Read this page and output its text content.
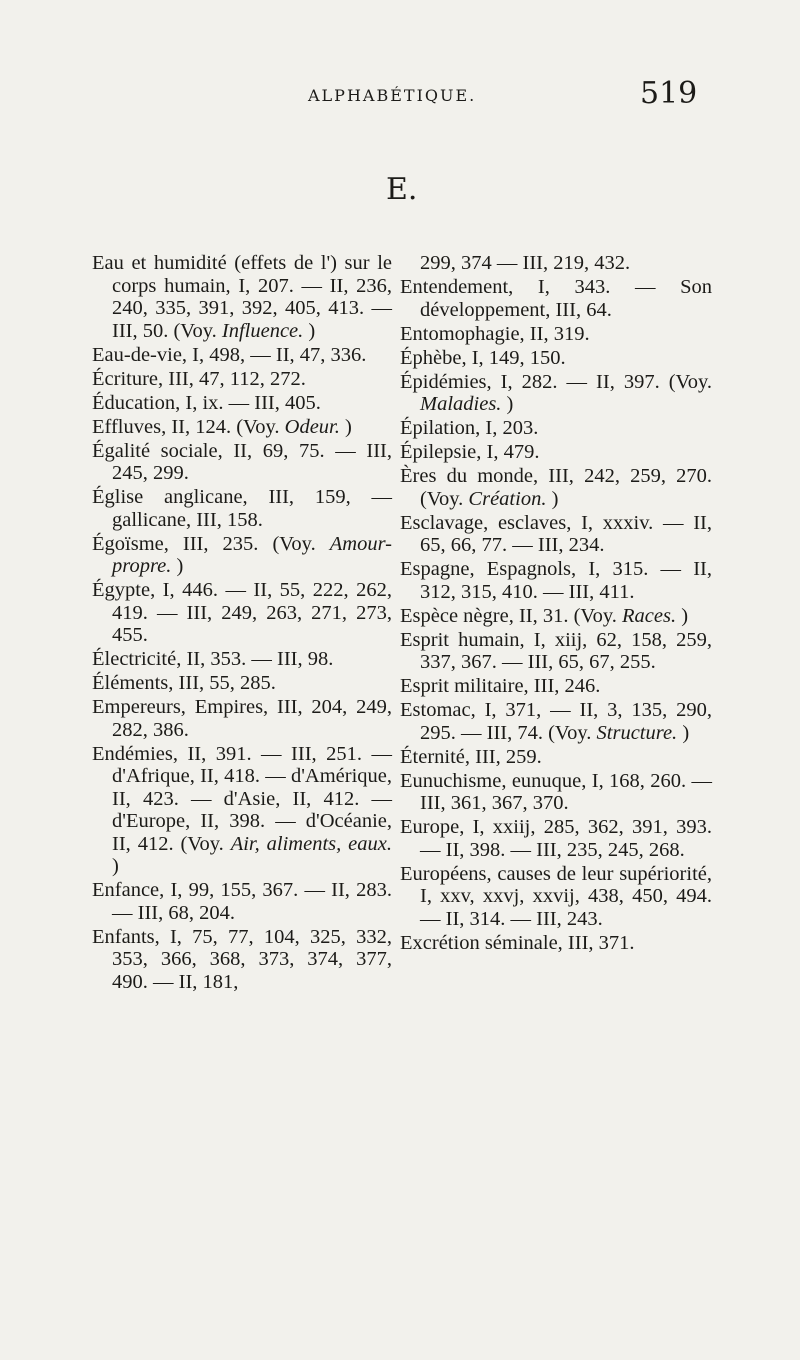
ALPHABÉTIQUE.	519
E.
Eau et humidité (effets de l') sur le corps humain, I, 207. — II, 236, 240, 335, 391, 392, 405, 413. — III, 50. (Voy. Influence. )
Eau-de-vie, I, 498, — II, 47, 336.
Écriture, III, 47, 112, 272.
Éducation, I, ix. — III, 405.
Effluves, II, 124. (Voy. Odeur. )
Égalité sociale, II, 69, 75. — III, 245, 299.
Église anglicane, III, 159, — gallicane, III, 158.
Égoïsme, III, 235. (Voy. Amour-propre. )
Égypte, I, 446. — II, 55, 222, 262, 419. — III, 249, 263, 271, 273, 455.
Électricité, II, 353. — III, 98.
Éléments, III, 55, 285.
Empereurs, Empires, III, 204, 249, 282, 386.
Endémies, II, 391. — III, 251. — d'Afrique, II, 418. — d'Amérique, II, 423. — d'Asie, II, 412. — d'Europe, II, 398. — d'Océanie, II, 412. (Voy. Air, aliments, eaux. )
Enfance, I, 99, 155, 367. — II, 283. — III, 68, 204.
Enfants, I, 75, 77, 104, 325, 332, 353, 366, 368, 373, 374, 377, 490. — II, 181,
299, 374 — III, 219, 432.
Entendement, I, 343. — Son développement, III, 64.
Entomophagie, II, 319.
Éphèbe, I, 149, 150.
Épidémies, I, 282. — II, 397. (Voy. Maladies. )
Épilation, I, 203.
Épilepsie, I, 479.
Ères du monde, III, 242, 259, 270. (Voy. Création. )
Esclavage, esclaves, I, xxxiv. — II, 65, 66, 77. — III, 234.
Espagne, Espagnols, I, 315. — II, 312, 315, 410. — III, 411.
Espèce nègre, II, 31. (Voy. Races. )
Esprit humain, I, xiij, 62, 158, 259, 337, 367. — III, 65, 67, 255.
Esprit militaire, III, 246.
Estomac, I, 371, — II, 3, 135, 290, 295. — III, 74. (Voy. Structure. )
Éternité, III, 259.
Eunuchisme, eunuque, I, 168, 260. — III, 361, 367, 370.
Europe, I, xxiij, 285, 362, 391, 393. — II, 398. — III, 235, 245, 268.
Européens, causes de leur supériorité, I, xxv, xxvj, xxvij, 438, 450, 494. — II, 314. — III, 243.
Excrétion séminale, III, 371.
